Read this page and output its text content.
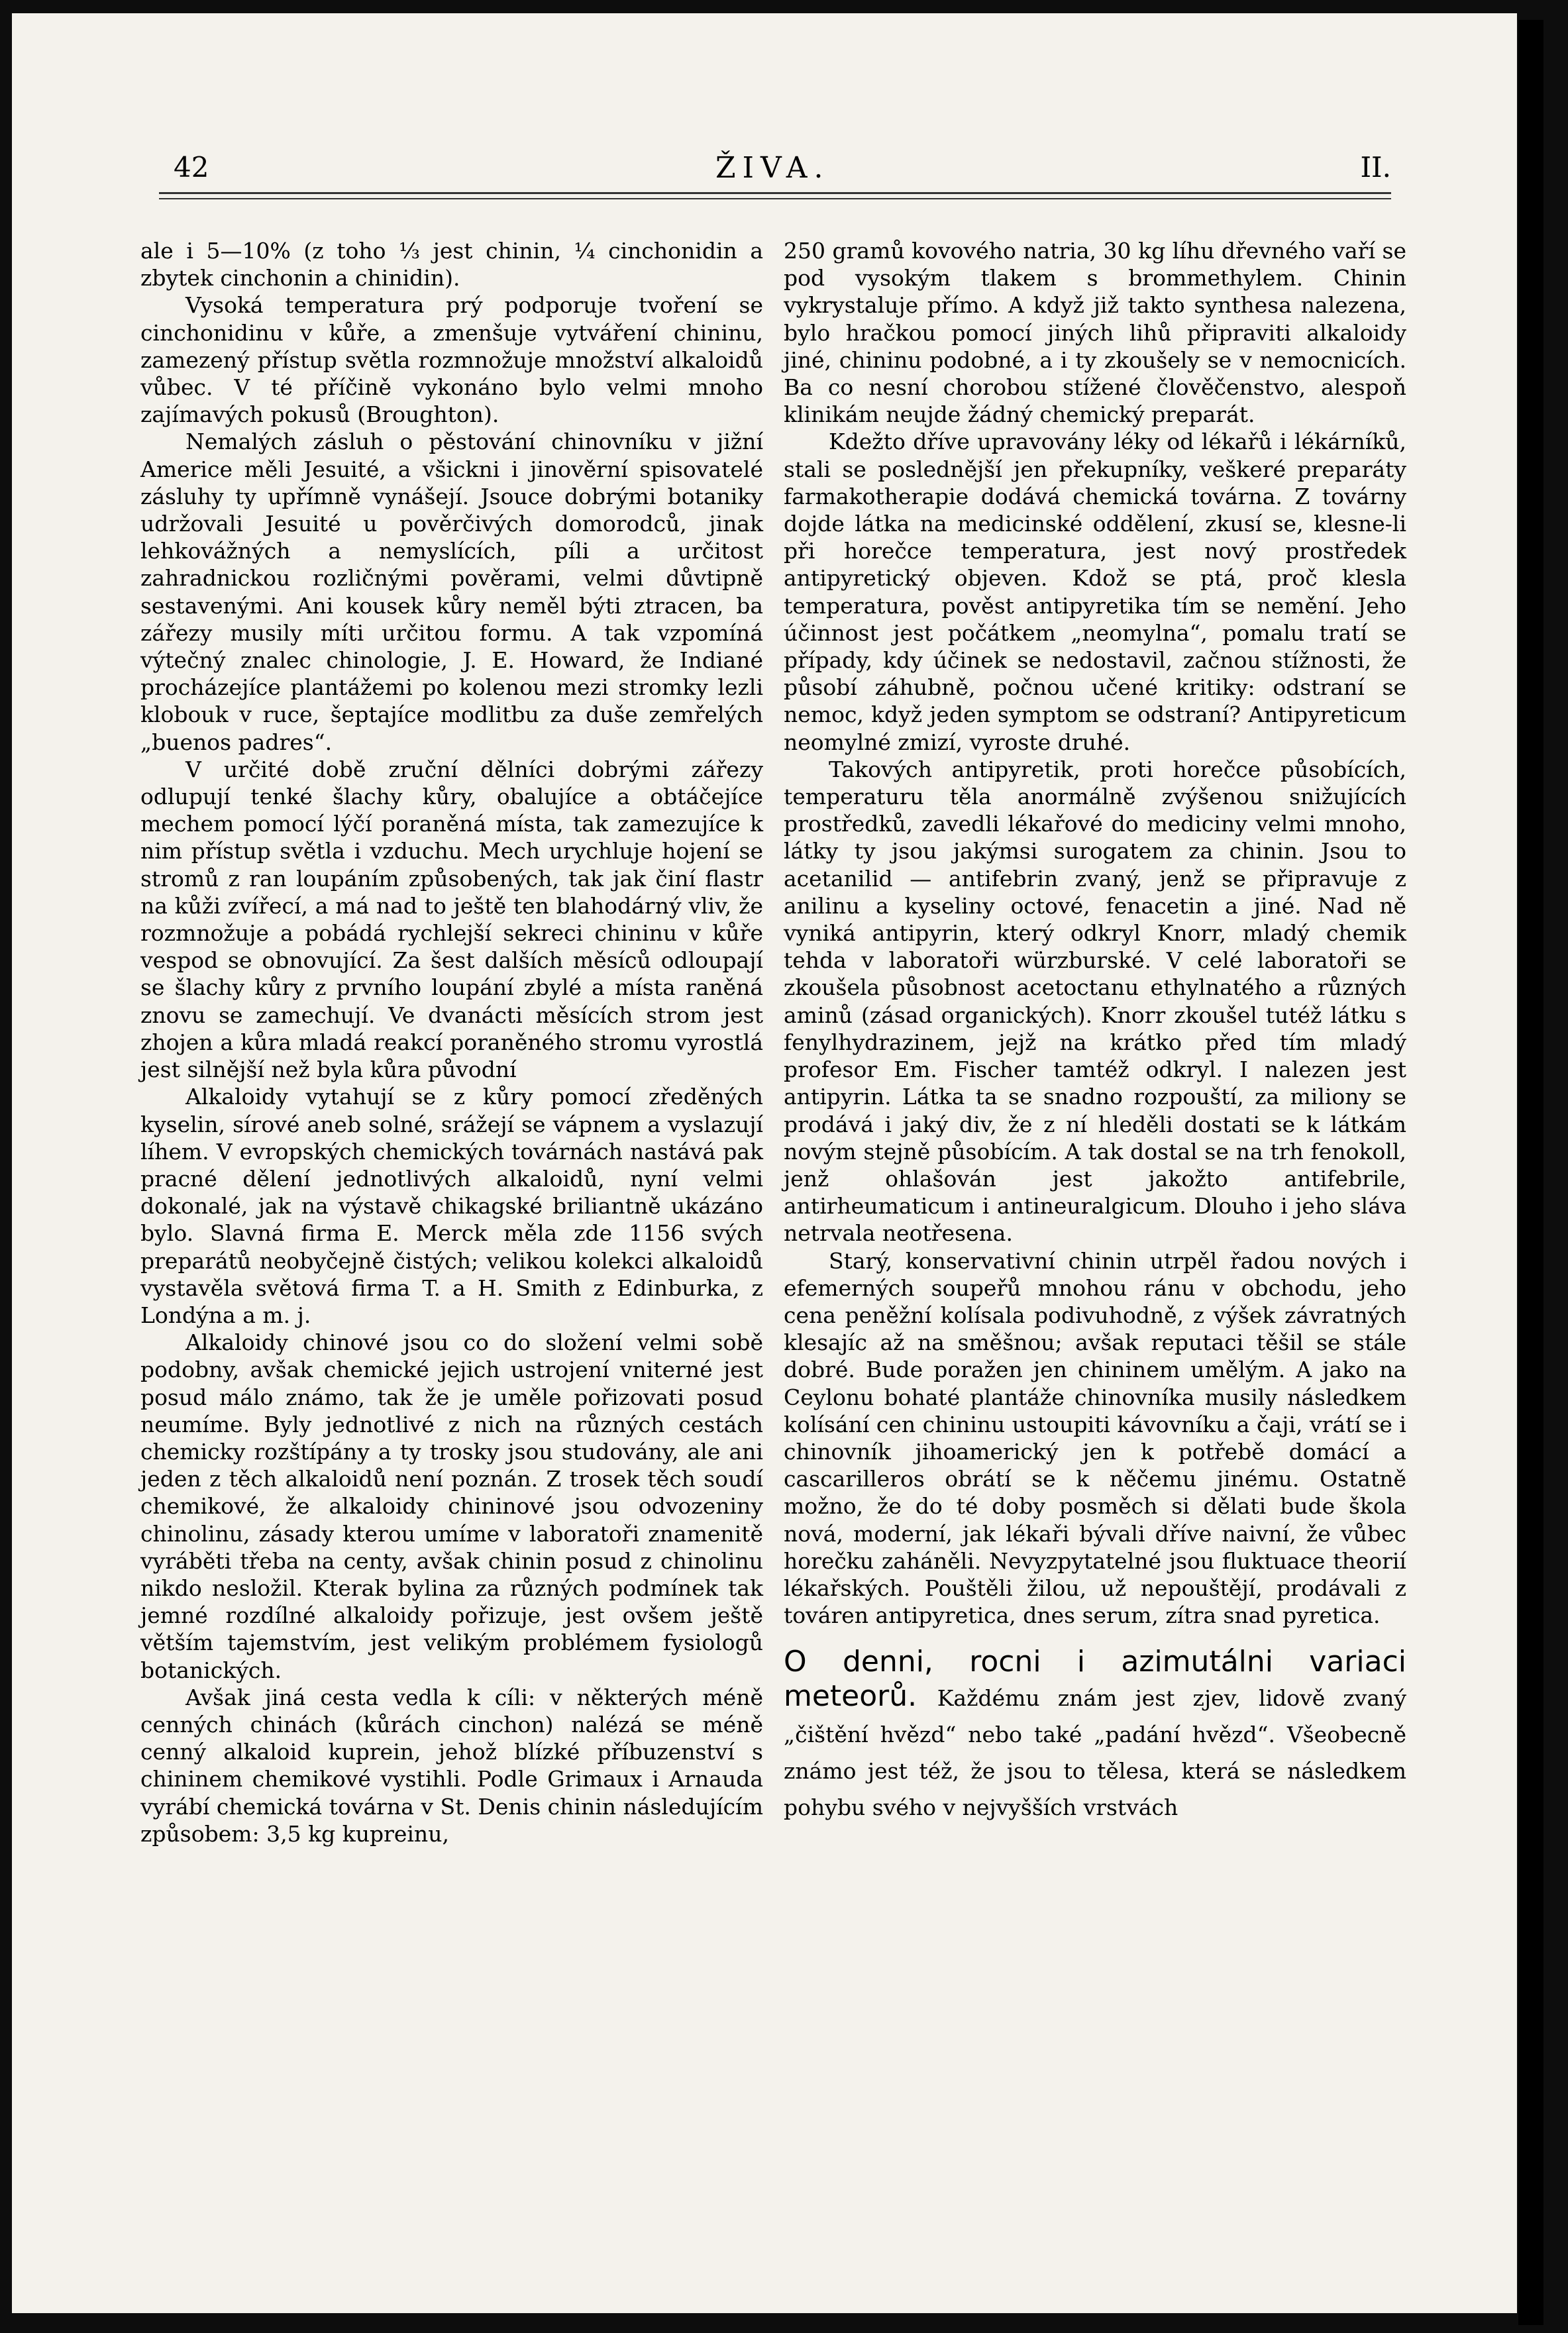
42	ŽIVA.	II.

ale i 5—10% (z toho ⅓ jest chinin, ¼ cinchonidin a zbytek cinchonin a chinidin).

Vysoká temperatura prý podporuje tvoření se cinchonidinu v kůře, a zmenšuje vytváření chininu, zamezený přístup světla rozmnožuje množství alkaloidů vůbec. V té příčině vykonáno bylo velmi mnoho zajímavých pokusů (Broughton).

Nemalých zásluh o pěstování chinovníku v jižní Americe měli Jesuité, a všickni i jinověrní spisovatelé zásluhy ty upřímně vynášejí. Jsouce dobrými botaniky udržovali Jesuité u pověrčivých domorodců, jinak lehkovážných a nemyslících, píli a určitost zahradnickou rozličnými pověrami, velmi důvtipně sestavenými. Ani kousek kůry neměl býti ztracen, ba zářezy musily míti určitou formu. A tak vzpomíná výtečný znalec chinologie, J. E. Howard, že Indiané procházejíce plantážemi po kolenou mezi stromky lezli klobouk v ruce, šeptajíce modlitbu za duše zemřelých „buenos padres“.

V určité době zruční dělníci dobrými zářezy odlupují tenké šlachy kůry, obalujíce a obtáčejíce mechem pomocí lýčí poraněná místa, tak zamezujíce k nim přístup světla i vzduchu. Mech urychluje hojení se stromů z ran loupáním způsobených, tak jak činí flastr na kůži zvířecí, a má nad to ještě ten blahodárný vliv, že rozmnožuje a pobádá rychlejší sekreci chininu v kůře vespod se obnovující. Za šest dalších měsíců odloupají se šlachy kůry z prvního loupání zbylé a místa raněná znovu se zamechují. Ve dvanácti měsících strom jest zhojen a kůra mladá reakcí poraněného stromu vyrostlá jest silnější než byla kůra původní

Alkaloidy vytahují se z kůry pomocí zředěných kyselin, sírové aneb solné, srážejí se vápnem a vyslazují líhem. V evropských chemických továrnách nastává pak pracné dělení jednotlivých alkaloidů, nyní velmi dokonalé, jak na výstavě chikagské briliantně ukázáno bylo. Slavná firma E. Merck měla zde 1156 svých preparátů neobyčejně čistých; velikou kolekci alkaloidů vystavěla světová firma T. a H. Smith z Edinburka, z Londýna a m. j.

Alkaloidy chinové jsou co do složení velmi sobě podobny, avšak chemické jejich ustrojení vniterné jest posud málo známo, tak že je uměle pořizovati posud neumíme. Byly jednotlivé z nich na různých cestách chemicky rozštípány a ty trosky jsou studovány, ale ani jeden z těch alkaloidů není poznán. Z trosek těch soudí chemikové, že alkaloidy chininové jsou odvozeniny chinolinu, zásady kterou umíme v laboratoři znamenitě vyráběti třeba na centy, avšak chinin posud z chinolinu nikdo nesložil. Kterak bylina za různých podmínek tak jemné rozdílné alkaloidy pořizuje, jest ovšem ještě větším tajemstvím, jest velikým problémem fysiologů botanických.

Avšak jiná cesta vedla k cíli: v některých méně cenných chinách (kůrách cinchon) nalézá se méně cenný alkaloid kuprein, jehož blízké příbuzenství s chininem chemikové vystihli. Podle Grimaux i Arnauda vyrábí chemická továrna v St. Denis chinin následujícím způsobem: 3,5 kg kupreinu,

250 gramů kovového natria, 30 kg líhu dřevného vaří se pod vysokým tlakem s brommethylem. Chinin vykrystaluje přímo. A když již takto synthesa nalezena, bylo hračkou pomocí jiných lihů připraviti alkaloidy jiné, chininu podobné, a i ty zkoušely se v nemocnicích. Ba co nesní chorobou stížené člověčenstvo, alespoň klinikám neujde žádný chemický preparát.

Kdežto dříve upravovány léky od lékařů i lékárníků, stali se poslednější jen překupníky, veškeré preparáty farmakotherapie dodává chemická továrna. Z továrny dojde látka na medicinské oddělení, zkusí se, klesne-li při horečce temperatura, jest nový prostředek antipyretický objeven. Kdož se ptá, proč klesla temperatura, pověst antipyretika tím se nemění. Jeho účinnost jest počátkem „neomylna“, pomalu tratí se případy, kdy účinek se nedostavil, začnou stížnosti, že působí záhubně, počnou učené kritiky: odstraní se nemoc, když jeden symptom se odstraní? Antipyreticum neomylné zmizí, vyroste druhé.

Takových antipyretik, proti horečce působících, temperaturu těla anormálně zvýšenou snižujících prostředků, zavedli lékařové do mediciny velmi mnoho, látky ty jsou jakýmsi surogatem za chinin. Jsou to acetanilid — antifebrin zvaný, jenž se připravuje z anilinu a kyseliny octové, fenacetin a jiné. Nad ně vyniká antipyrin, který odkryl Knorr, mladý chemik tehda v laboratoři würzburské. V celé laboratoři se zkoušela působnost acetoctanu ethylnatého a různých aminů (zásad organických). Knorr zkoušel tutéž látku s fenylhydrazinem, jejž na krátko před tím mladý profesor Em. Fischer tamtéž odkryl. I nalezen jest antipyrin. Látka ta se snadno rozpouští, za miliony se prodává i jaký div, že z ní hleděli dostati se k látkám novým stejně působícím. A tak dostal se na trh fenokoll, jenž ohlašován jest jakožto antifebrile, antirheumaticum i antineuralgicum. Dlouho i jeho sláva netrvala neotřesena.

Starý, konservativní chinin utrpěl řadou nových i efemerných soupeřů mnohou ránu v obchodu, jeho cena peněžní kolísala podivuhodně, z výšek závratných klesajíc až na směšnou; avšak reputaci těšil se stále dobré. Bude poražen jen chininem umělým. A jako na Ceylonu bohaté plantáže chinovníka musily následkem kolísání cen chininu ustoupiti kávovníku a čaji, vrátí se i chinovník jihoamerický jen k potřebě domácí a cascarilleros obrátí se k něčemu jinému. Ostatně možno, že do té doby posměch si dělati bude škola nová, moderní, jak lékaři bývali dříve naivní, že vůbec horečku zaháněli. Nevyzpytatelné jsou fluktuace theorií lékařských. Pouštěli žilou, už nepouštějí, prodávali z továren antipyretica, dnes serum, zítra snad pyretica.

O denni, rocni i azimutálni variaci meteorů. Každému znám jest zjev, lidově zvaný „čištění hvězd“ nebo také „padání hvězd“. Všeobecně známo jest též, že jsou to tělesa, která se následkem pohybu svého v nejvyšších vrstvách
